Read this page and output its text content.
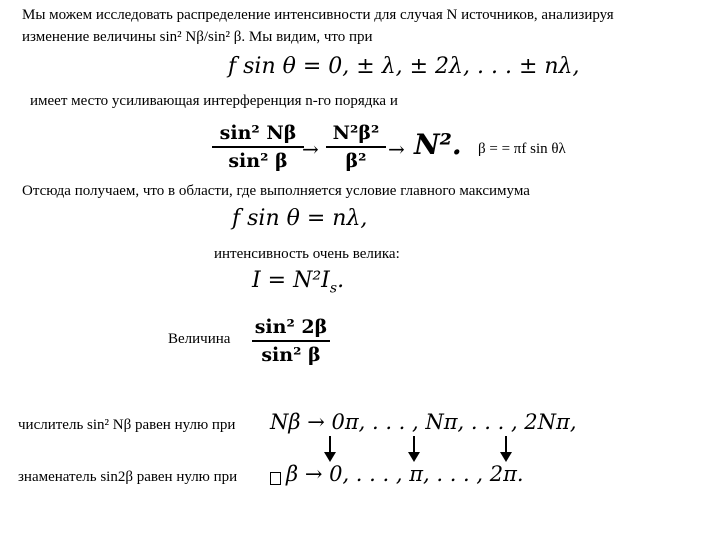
Мы можем исследовать распределение интенсивности для случая N источников, анализируя
изменение величины sin² Nβ/sin² β. Мы видим, что при
f sin θ = 0, ± λ, ± 2λ, . . . ± nλ,
имеет место усиливающая интерференция n-го порядка и
sin² Nβ
sin² β →
N²β²
β²	→ N². β = = πf sin θλ
Отсюда получаем, что в области, где выполняется условие главного максимума
f sin θ = nλ,
интенсивность очень велика:
$I = N^2I_s$.
Величина
sin² 2β
sin² β
числитель sin² Nβ равен нулю при Nβ → 0π, . . . , Nπ, . . . , 2Nπ,
знаменатель sin2β равен нулю при β → 0, . . . , π, . . . , 2π.
